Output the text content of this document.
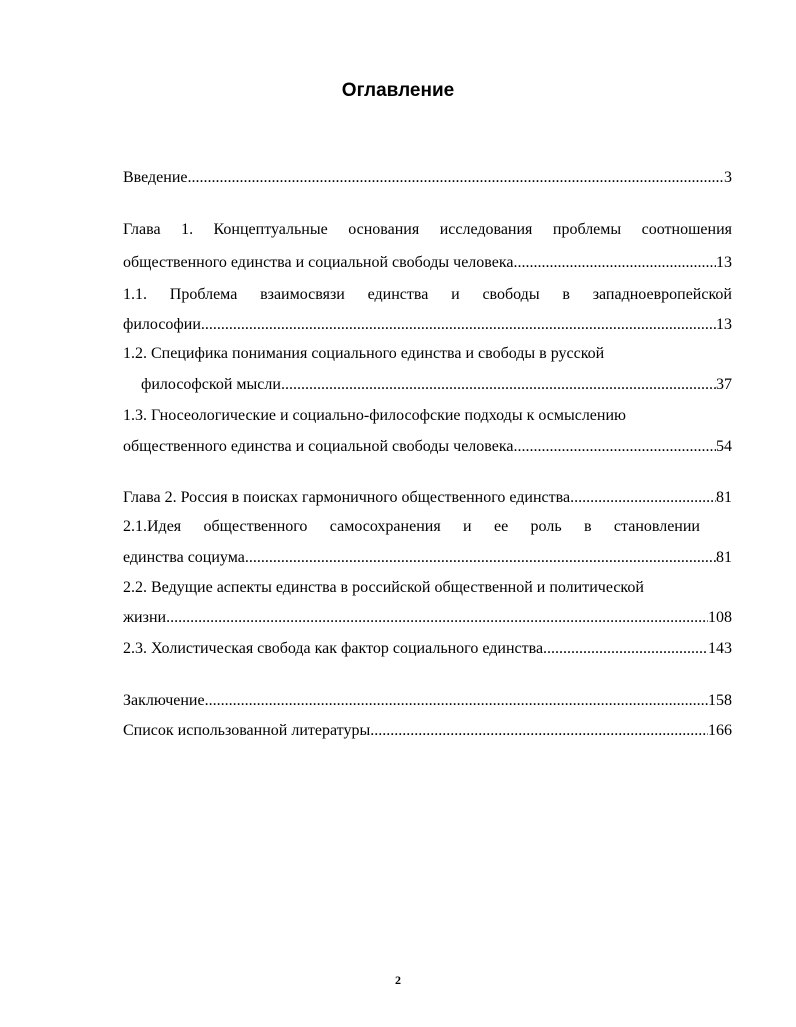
Оглавление
Введение .....	3
Глава 1. Концептуальные основания исследования проблемы соотношения
общественного единства и социальной свободы человека. .....	13
1.1. Проблема взаимосвязи единства и свободы в западноевропейской
философии .....	13
1.2. Специфика понимания социального единства и свободы в русской
философской мысли .....	37
1.3. Гносеологические и социально-философские подходы к осмыслению
общественного единства и социальной свободы человека .....	54
Глава 2. Россия в поисках гармоничного общественного единства .....	81
2.1.Идея общественного самосохранения и ее роль в становлении
единства социума .....	81
2.2. Ведущие аспекты единства в российской общественной и политической
жизни .....	108
2.3. Холистическая свобода как фактор социального единства .....	143
Заключение .....	158
Список использованной литературы .....	166
2
